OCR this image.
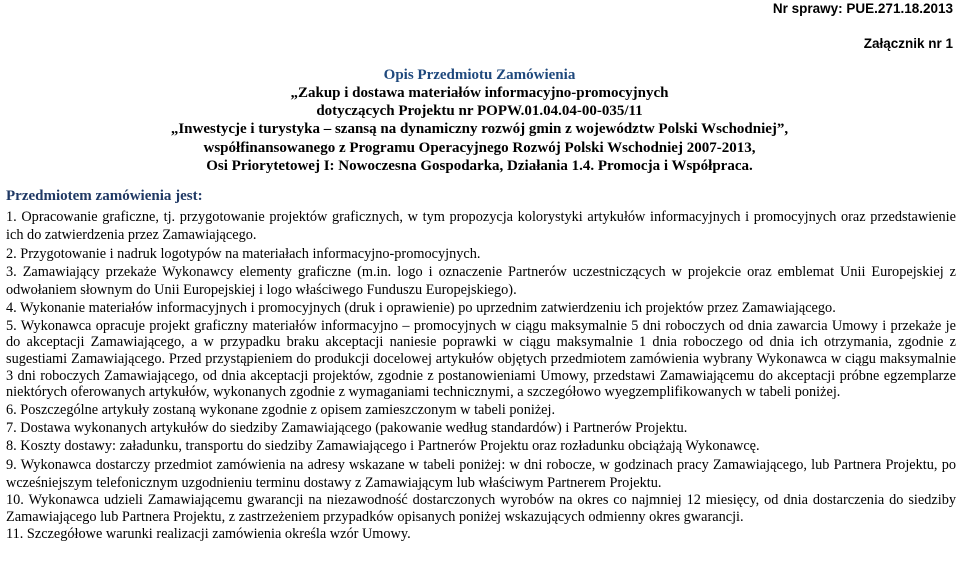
Nr sprawy: PUE.271.18.2013
Załącznik nr 1
Opis Przedmiotu Zamówienia
„Zakup i dostawa materiałów informacyjno-promocyjnych
dotyczących Projektu nr POPW.01.04.04-00-035/11
„Inwestycje i turystyka – szansą na dynamiczny rozwój gmin z województw Polski Wschodniej”,
współfinansowanego z Programu Operacyjnego Rozwój Polski Wschodniej 2007-2013,
Osi Priorytetowej I: Nowoczesna Gospodarka, Działania 1.4. Promocja i Współpraca.
Przedmiotem zamówienia jest:

1. Opracowanie graficzne, tj. przygotowanie projektów graficznych, w tym propozycja kolorystyki artykułów informacyjnych i promocyjnych oraz przedstawienie ich do zatwierdzenia przez Zamawiającego.

2. Przygotowanie i nadruk logotypów na materiałach informacyjno-promocyjnych.

3. Zamawiający przekaże Wykonawcy elementy graficzne (m.in. logo i oznaczenie Partnerów uczestniczących w projekcie oraz emblemat Unii Europejskiej z odwołaniem słownym do Unii Europejskiej i logo właściwego Funduszu Europejskiego).

4. Wykonanie materiałów informacyjnych i promocyjnych (druk i oprawienie) po uprzednim zatwierdzeniu ich projektów przez Zamawiającego.

5. Wykonawca opracuje projekt graficzny materiałów informacyjno – promocyjnych w ciągu maksymalnie 5 dni roboczych od dnia zawarcia Umowy i przekaże je do akceptacji Zamawiającego, a w przypadku braku akceptacji naniesie poprawki w ciągu maksymalnie 1 dnia roboczego od dnia ich otrzymania, zgodnie z sugestiami Zamawiającego. Przed przystąpieniem do produkcji docelowej artykułów objętych przedmiotem zamówienia wybrany Wykonawca w ciągu maksymalnie 3 dni roboczych Zamawiającego, od dnia akceptacji projektów, zgodnie z postanowieniami Umowy, przedstawi Zamawiającemu do akceptacji próbne egzemplarze niektórych oferowanych artykułów, wykonanych zgodnie z wymaganiami technicznymi, a szczegółowo wyegzemplifikowanych w tabeli poniżej.

6. Poszczególne artykuły zostaną wykonane zgodnie z opisem zamieszczonym w tabeli poniżej.

7. Dostawa wykonanych artykułów do siedziby Zamawiającego (pakowanie według standardów) i Partnerów Projektu.

8. Koszty dostawy: załadunku, transportu do siedziby Zamawiającego i Partnerów Projektu oraz rozładunku obciążają Wykonawcę.

9. Wykonawca dostarczy przedmiot zamówienia na adresy wskazane w tabeli poniżej: w dni robocze, w godzinach pracy Zamawiającego, lub Partnera Projektu, po wcześniejszym telefonicznym uzgodnieniu terminu dostawy z Zamawiającym lub właściwym Partnerem Projektu.

10. Wykonawca udzieli Zamawiającemu gwarancji na niezawodność dostarczonych wyrobów na okres co najmniej 12 miesięcy, od dnia dostarczenia do siedziby Zamawiającego lub Partnera Projektu, z zastrzeżeniem przypadków opisanych poniżej wskazujących odmienny okres gwarancji.

11. Szczegółowe warunki realizacji zamówienia określa wzór Umowy.
